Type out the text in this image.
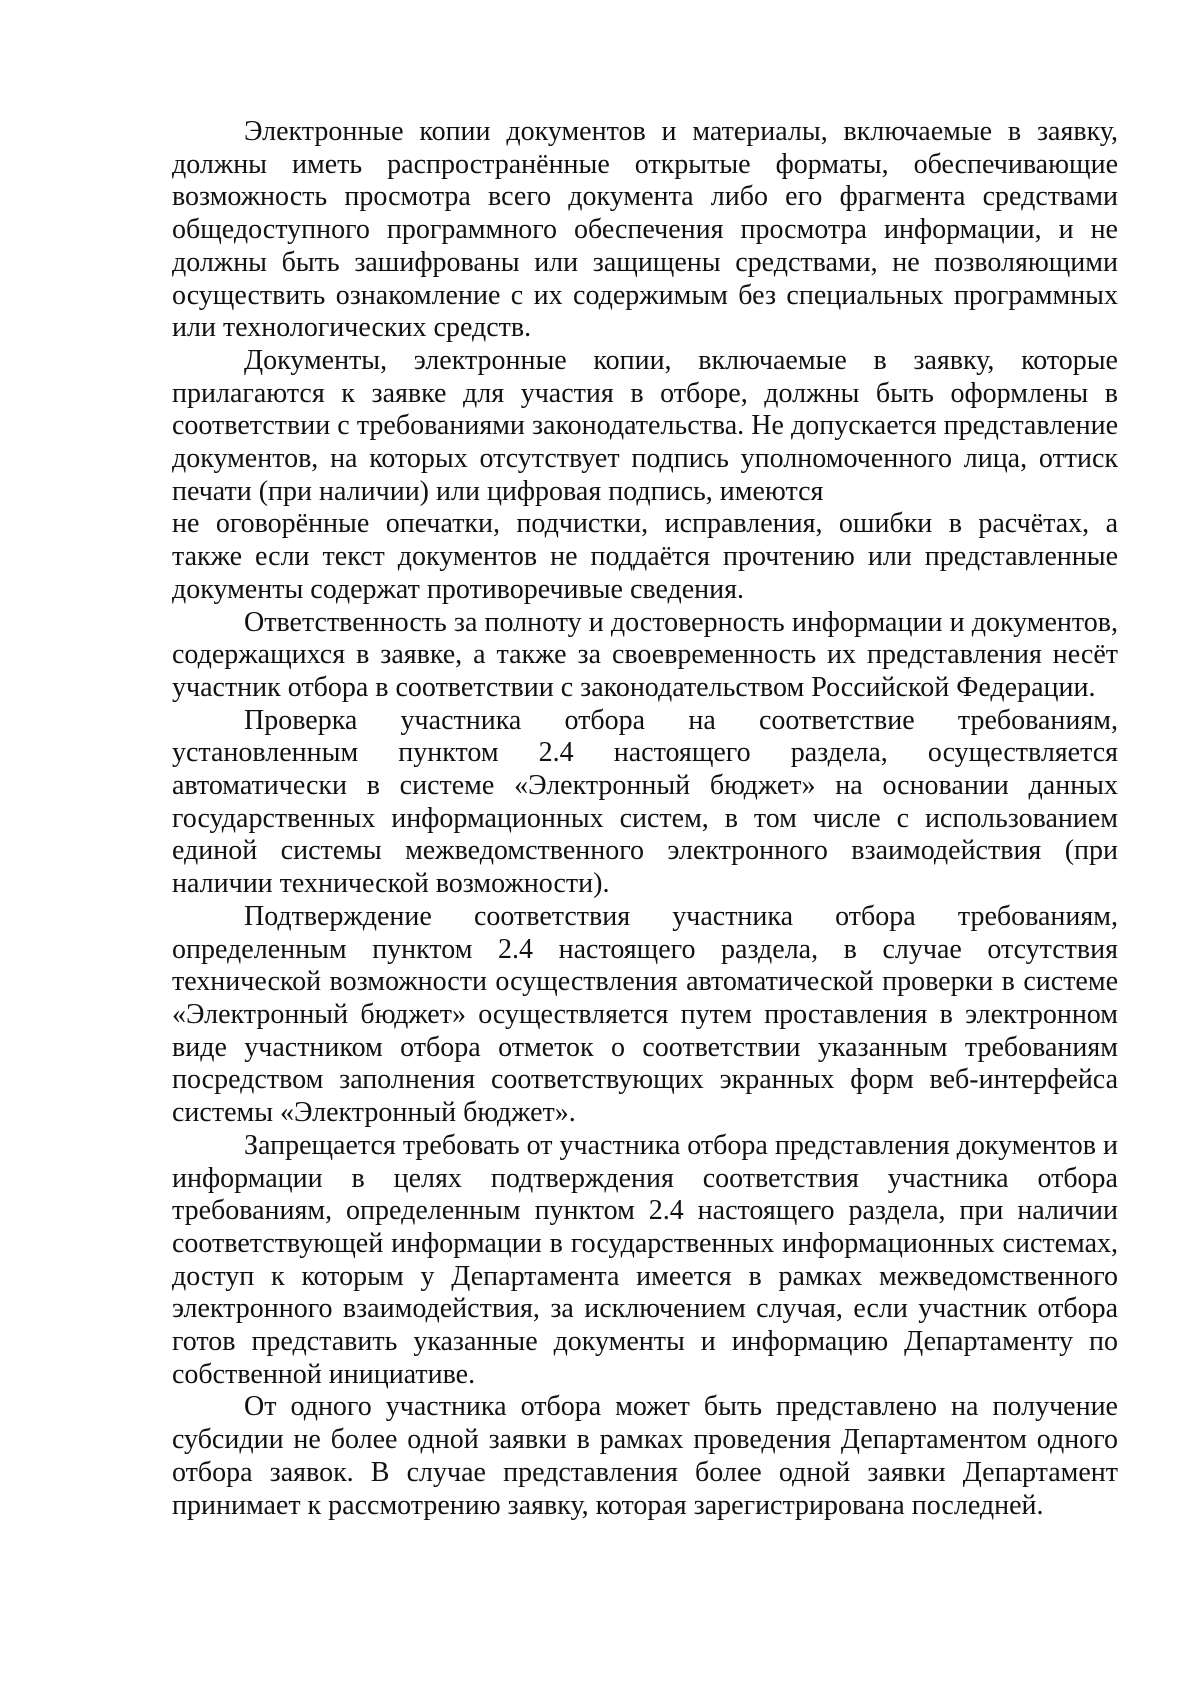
Электронные копии документов и материалы, включаемые в заявку, должны иметь распространённые открытые форматы, обеспечивающие возможность просмотра всего документа либо его фрагмента средствами общедоступного программного обеспечения просмотра информации, и не должны быть зашифрованы или защищены средствами, не позволяющими осуществить ознакомление с их содержимым без специальных программных или технологических средств.

Документы, электронные копии, включаемые в заявку, которые прилагаются к заявке для участия в отборе, должны быть оформлены в соответствии с требованиями законодательства. Не допускается представление документов, на которых отсутствует подпись уполномоченного лица, оттиск печати (при наличии) или цифровая подпись, имеются

не оговорённые опечатки, подчистки, исправления, ошибки в расчётах, а также если текст документов не поддаётся прочтению или представленные документы содержат противоречивые сведения.

Ответственность за полноту и достоверность информации и документов, содержащихся в заявке, а также за своевременность их представления несёт участник отбора в соответствии с законодательством Российской Федерации.

Проверка участника отбора на соответствие требованиям, установленным пунктом 2.4 настоящего раздела, осуществляется автоматически в системе «Электронный бюджет» на основании данных государственных информационных систем, в том числе с использованием единой системы межведомственного электронного взаимодействия (при наличии технической возможности).

Подтверждение соответствия участника отбора требованиям, определенным пунктом 2.4 настоящего раздела, в случае отсутствия технической возможности осуществления автоматической проверки в системе «Электронный бюджет» осуществляется путем проставления в электронном виде участником отбора отметок о соответствии указанным требованиям посредством заполнения соответствующих экранных форм веб-интерфейса системы «Электронный бюджет».

Запрещается требовать от участника отбора представления документов и информации в целях подтверждения соответствия участника отбора требованиям, определенным пунктом 2.4 настоящего раздела, при наличии соответствующей информации в государственных информационных системах, доступ к которым у Департамента имеется в рамках межведомственного электронного взаимодействия, за исключением случая, если участник отбора готов представить указанные документы и информацию Департаменту по собственной инициативе.

От одного участника отбора может быть представлено на получение субсидии не более одной заявки в рамках проведения Департаментом одного отбора заявок. В случае представления более одной заявки Департамент принимает к рассмотрению заявку, которая зарегистрирована последней.
